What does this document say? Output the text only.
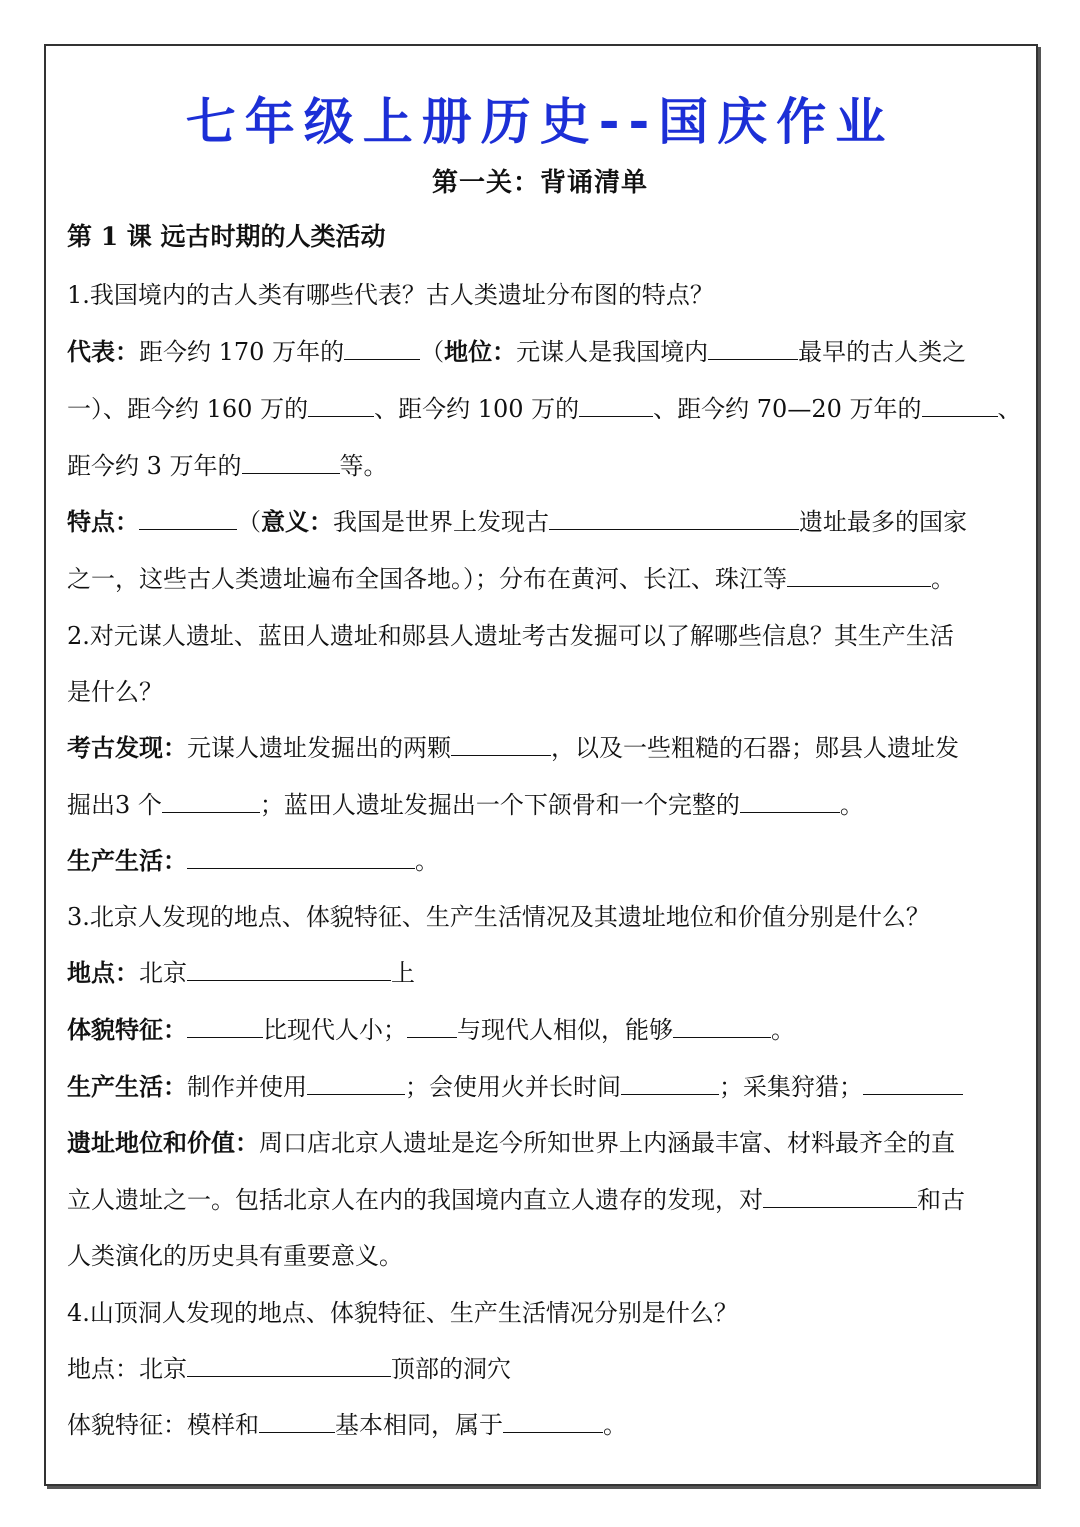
七年级上册历史--国庆作业
第一关：背诵清单
第 1 课 远古时期的人类活动
1.我国境内的古人类有哪些代表？古人类遗址分布图的特点？
代表：距今约 170 万年的	（地位：元谋人是我国境内	最早的古人类之
一）、距今约 160 万的	、距今约 100 万的	、距今约 70—20 万年的	、
距今约 3 万年的	等。
特点：	（意义：我国是世界上发现古	遗址最多的国家
之一，这些古人类遗址遍布全国各地。）；分布在黄河、长江、珠江等	。
2.对元谋人遗址、蓝田人遗址和郧县人遗址考古发掘可以了解哪些信息？其生产生活
是什么？
考古发现：元谋人遗址发掘出的两颗	，以及一些粗糙的石器；郧县人遗址发
掘出3 个	；蓝田人遗址发掘出一个下颌骨和一个完整的	。
生产生活：	。
3.北京人发现的地点、体貌特征、生产生活情况及其遗址地位和价值分别是什么？
地点：北京	上
体貌特征：	比现代人小； 与现代人相似，能够	。
生产生活：制作并使用	；会使用火并长时间	；采集狩猎；
遗址地位和价值：周口店北京人遗址是迄今所知世界上内涵最丰富、材料最齐全的直
立人遗址之一。包括北京人在内的我国境内直立人遗存的发现，对	和古
人类演化的历史具有重要意义。
4.山顶洞人发现的地点、体貌特征、生产生活情况分别是什么？
地点：北京	顶部的洞穴
体貌特征：模样和	基本相同，属于	。
